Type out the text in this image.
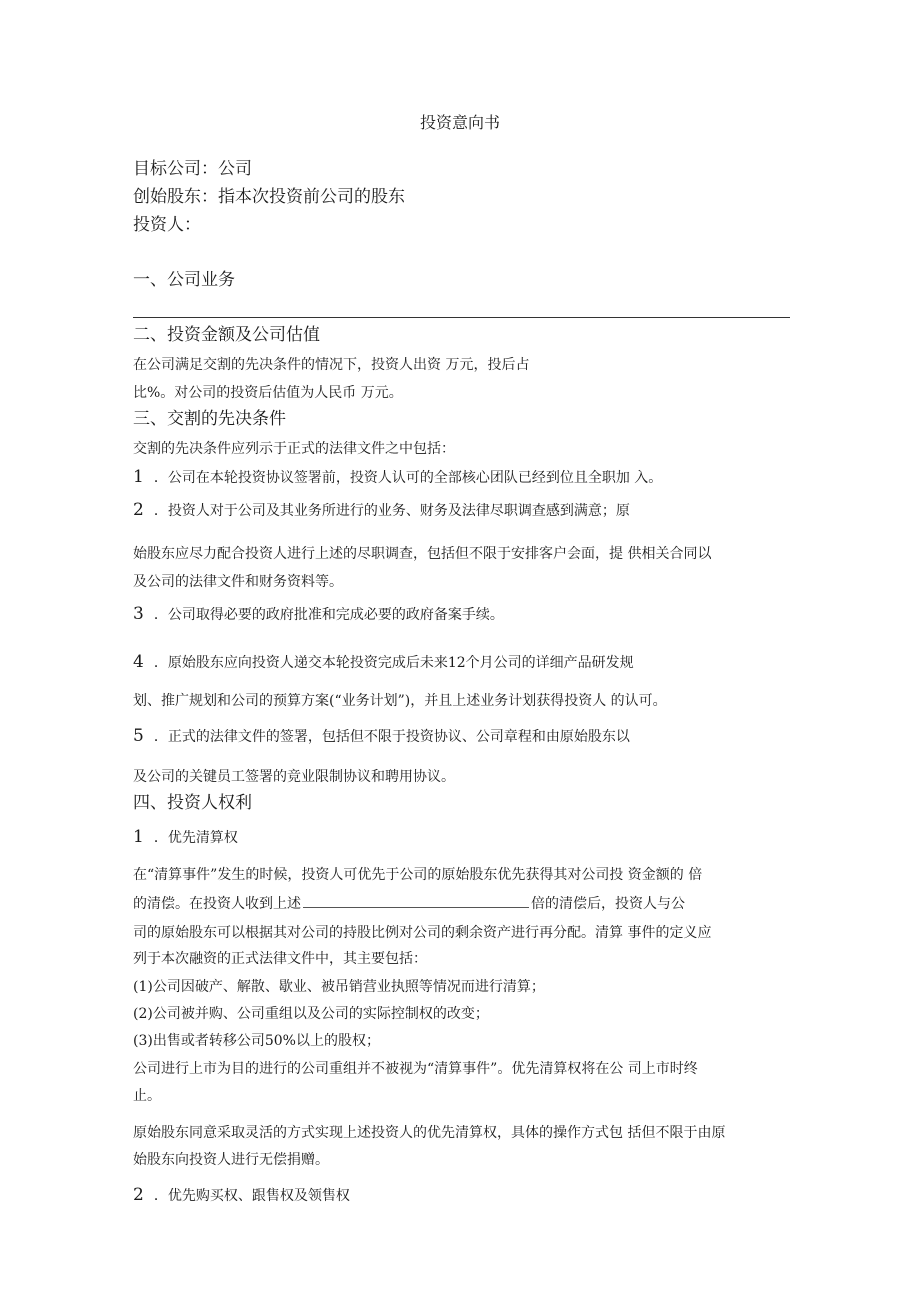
投资意向书
目标公司：公司
创始股东：指本次投资前公司的股东
投资人：
一、公司业务
二、投资金额及公司估值
在公司满足交割的先决条件的情况下，投资人出资 万元，投后占
比%。对公司的投资后估值为人民币 万元。
三、交割的先决条件
交割的先决条件应列示于正式的法律文件之中包括：
1 ．公司在本轮投资协议签署前，投资人认可的全部核心团队已经到位且全职加 入。
2 ．投资人对于公司及其业务所进行的业务、财务及法律尽职调查感到满意；原
始股东应尽力配合投资人进行上述的尽职调查，包括但不限于安排客户会面，提 供相关合同以
及公司的法律文件和财务资料等。
3 ．公司取得必要的政府批准和完成必要的政府备案手续。
4 ．原始股东应向投资人递交本轮投资完成后未来12个月公司的详细产品研发规
划、推广规划和公司的预算方案(“业务计划”)，并且上述业务计划获得投资人 的认可。
5 ．正式的法律文件的签署，包括但不限于投资协议、公司章程和由原始股东以
及公司的关键员工签署的竞业限制协议和聘用协议。
四、投资人权利
1 ．优先清算权
在“清算事件”发生的时候，投资人可优先于公司的原始股东优先获得其对公司投 资金额的 倍
的清偿。在投资人收到上述	倍的清偿后，投资人与公
司的原始股东可以根据其对公司的持股比例对公司的剩余资产进行再分配。清算 事件的定义应
列于本次融资的正式法律文件中，其主要包括：
(1)公司因破产、解散、歇业、被吊销营业执照等情况而进行清算；
(2)公司被并购、公司重组以及公司的实际控制权的改变；
(3)出售或者转移公司50%以上的股权；
公司进行上市为目的进行的公司重组并不被视为“清算事件”。优先清算权将在公 司上市时终
止。
原始股东同意采取灵活的方式实现上述投资人的优先清算权，具体的操作方式包 括但不限于由原
始股东向投资人进行无偿捐赠。
2 ．优先购买权、跟售权及领售权
